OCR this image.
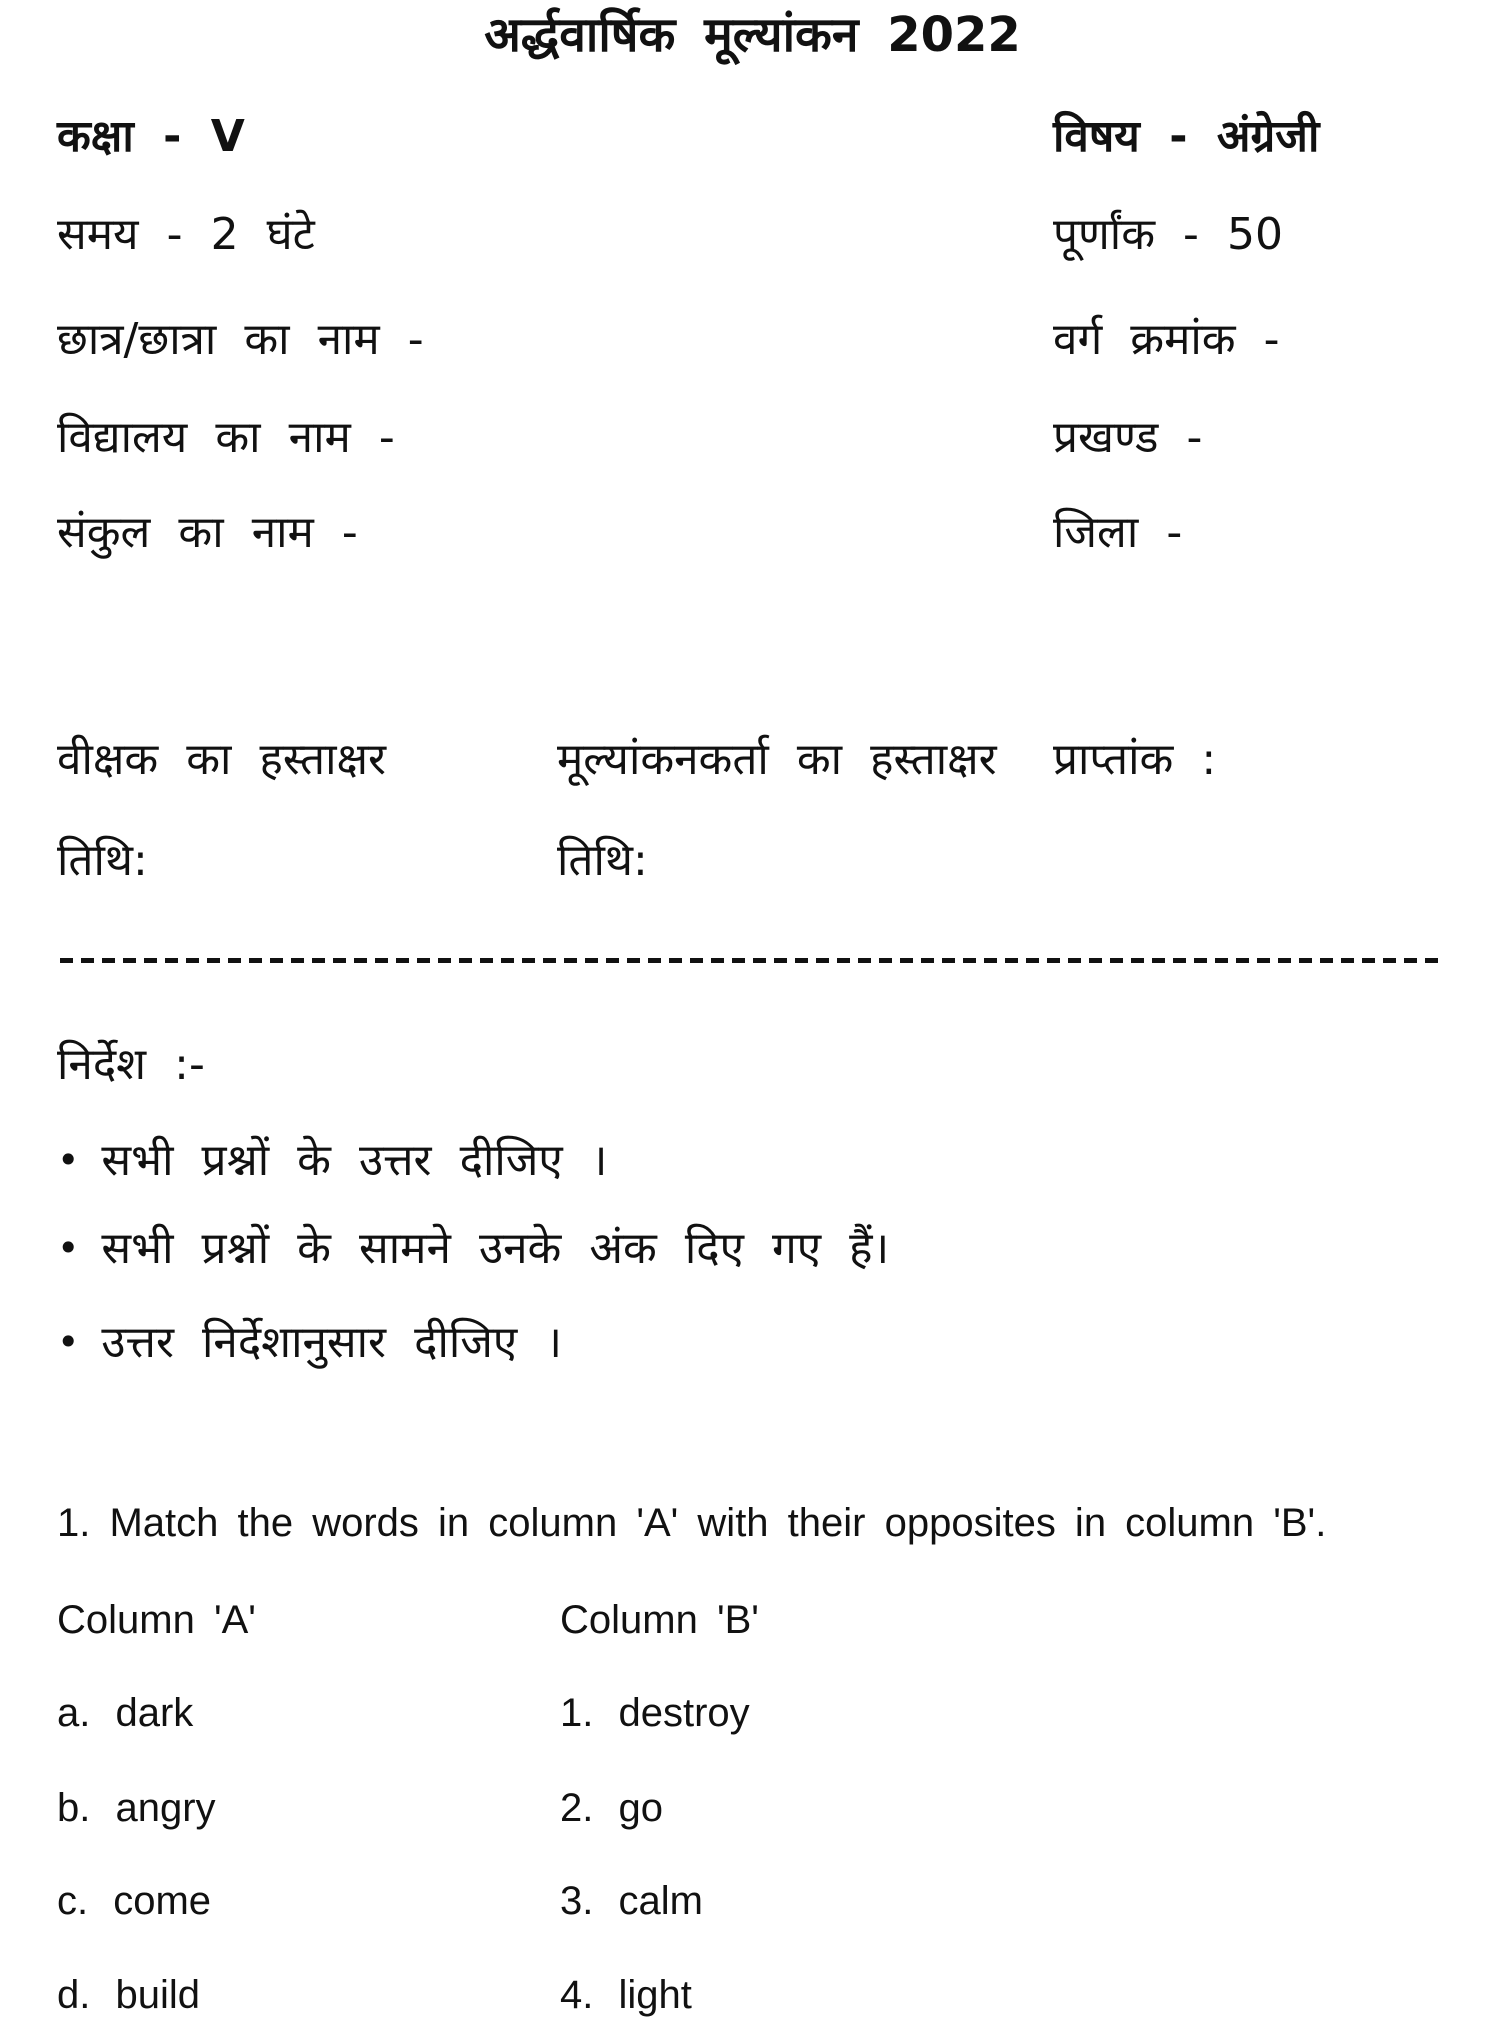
अर्द्धवार्षिक मूल्यांकन 2022
कक्षा - V	विषय - अंग्रेजी
समय - 2 घंटे	पूर्णांक - 50
छात्र/छात्रा का नाम -	वर्ग क्रमांक -
विद्यालय का नाम -	प्रखण्ड -
संकुल का नाम -	जिला -
वीक्षक का हस्ताक्षर	मूल्यांकनकर्ता का हस्ताक्षर प्राप्तांक :
तिथि:	तिथि:
निर्देश :-
• सभी प्रश्नों के उत्तर दीजिए ।
• सभी प्रश्नों के सामने उनके अंक दिए गए हैं।
• उत्तर निर्देशानुसार दीजिए ।
1. Match the words in column 'A' with their opposites in column 'B'.
Column 'A'	Column 'B'
a. dark	1. destroy
b. angry	2. go
c. come	3. calm
d. build	4. light
